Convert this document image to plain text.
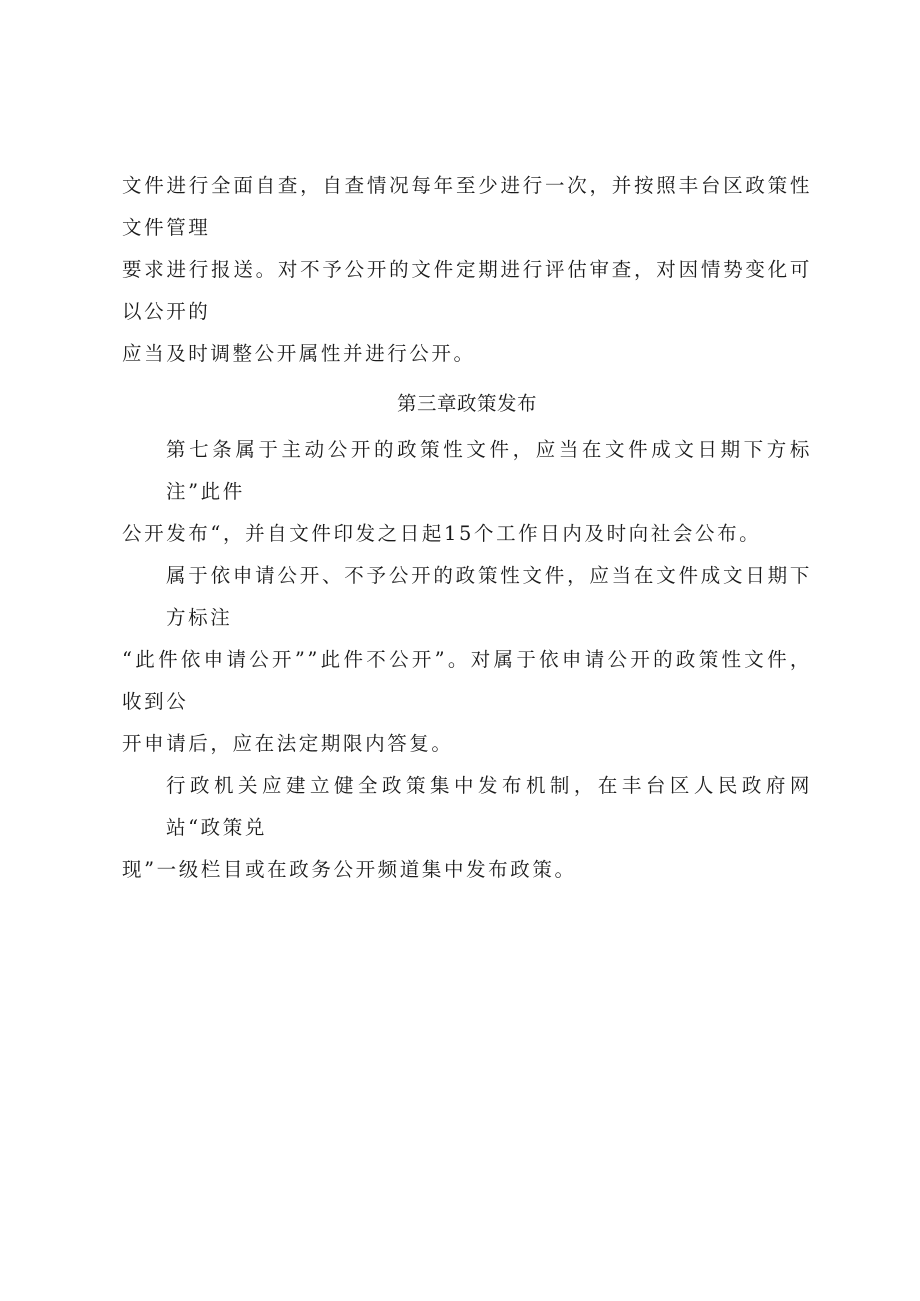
文件进行全面自查，自查情况每年至少进行一次，并按照丰台区政策性文件管理
要求进行报送。对不予公开的文件定期进行评估审查，对因情势变化可以公开的
应当及时调整公开属性并进行公开。

第三章政策发布

第七条属于主动公开的政策性文件，应当在文件成文日期下方标注”此件
公开发布“，并自文件印发之日起15个工作日内及时向社会公布。

属于依申请公开、不予公开的政策性文件，应当在文件成文日期下方标注
“此件依申请公开””此件不公开”。对属于依申请公开的政策性文件，收到公
开申请后，应在法定期限内答复。

行政机关应建立健全政策集中发布机制，在丰台区人民政府网站“政策兑
现”一级栏目或在政务公开频道集中发布政策。
